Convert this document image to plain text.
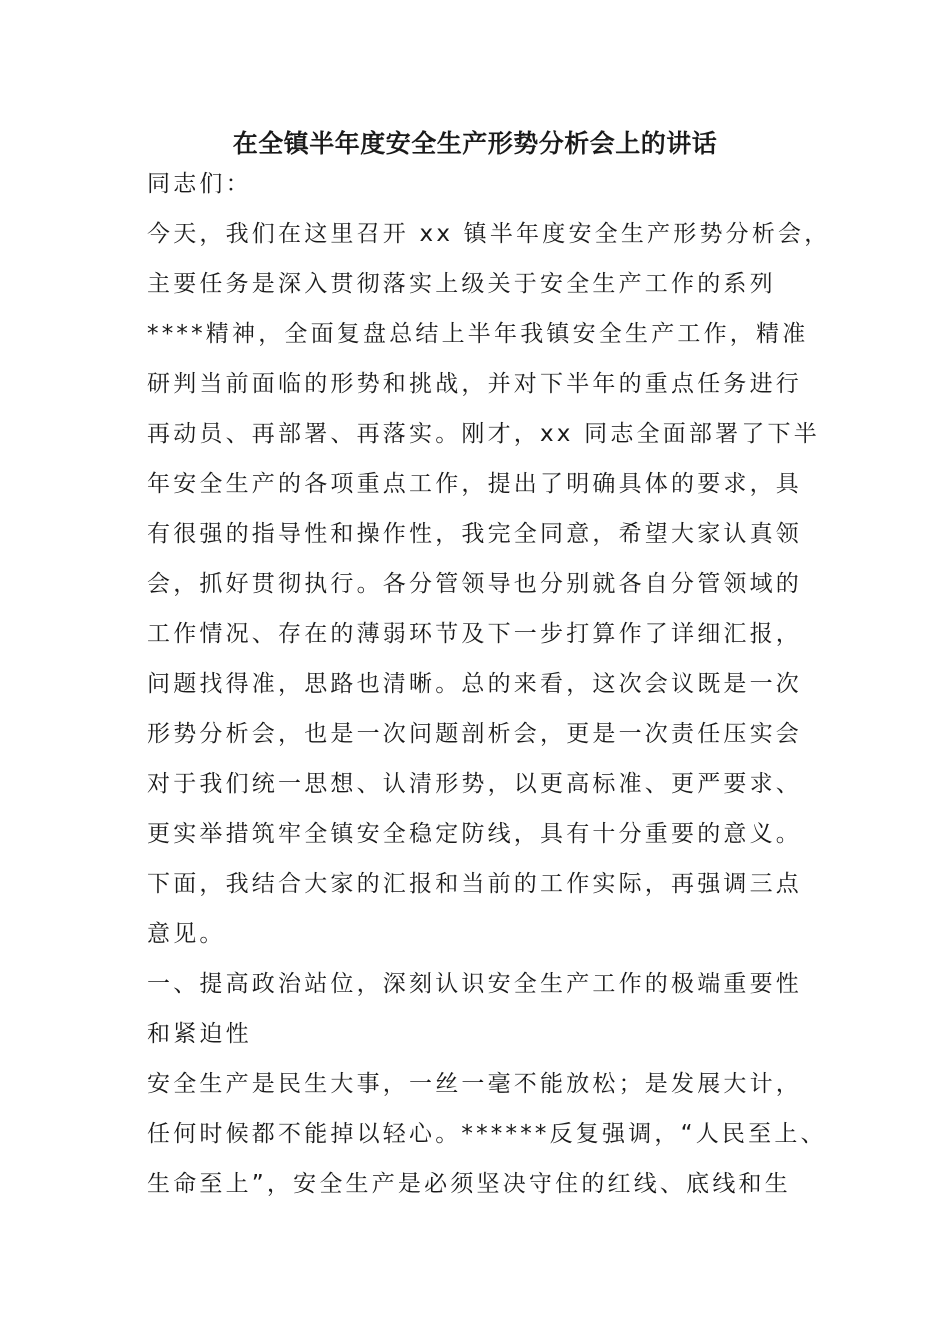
在全镇半年度安全生产形势分析会上的讲话
同志们：
今天，我们在这里召开 xx 镇半年度安全生产形势分析会，
主要任务是深入贯彻落实上级关于安全生产工作的系列
****精神，全面复盘总结上半年我镇安全生产工作，精准
研判当前面临的形势和挑战，并对下半年的重点任务进行
再动员、再部署、再落实。刚才，xx 同志全面部署了下半
年安全生产的各项重点工作，提出了明确具体的要求，具
有很强的指导性和操作性，我完全同意，希望大家认真领
会，抓好贯彻执行。各分管领导也分别就各自分管领域的
工作情况、存在的薄弱环节及下一步打算作了详细汇报，
问题找得准，思路也清晰。总的来看，这次会议既是一次
形势分析会，也是一次问题剖析会，更是一次责任压实会
对于我们统一思想、认清形势，以更高标准、更严要求、
更实举措筑牢全镇安全稳定防线，具有十分重要的意义。
下面，我结合大家的汇报和当前的工作实际，再强调三点
意见。
一、提高政治站位，深刻认识安全生产工作的极端重要性
和紧迫性
安全生产是民生大事，一丝一毫不能放松；是发展大计，
任何时候都不能掉以轻心。******反复强调，“人民至上、
生命至上”，安全生产是必须坚决守住的红线、底线和生
